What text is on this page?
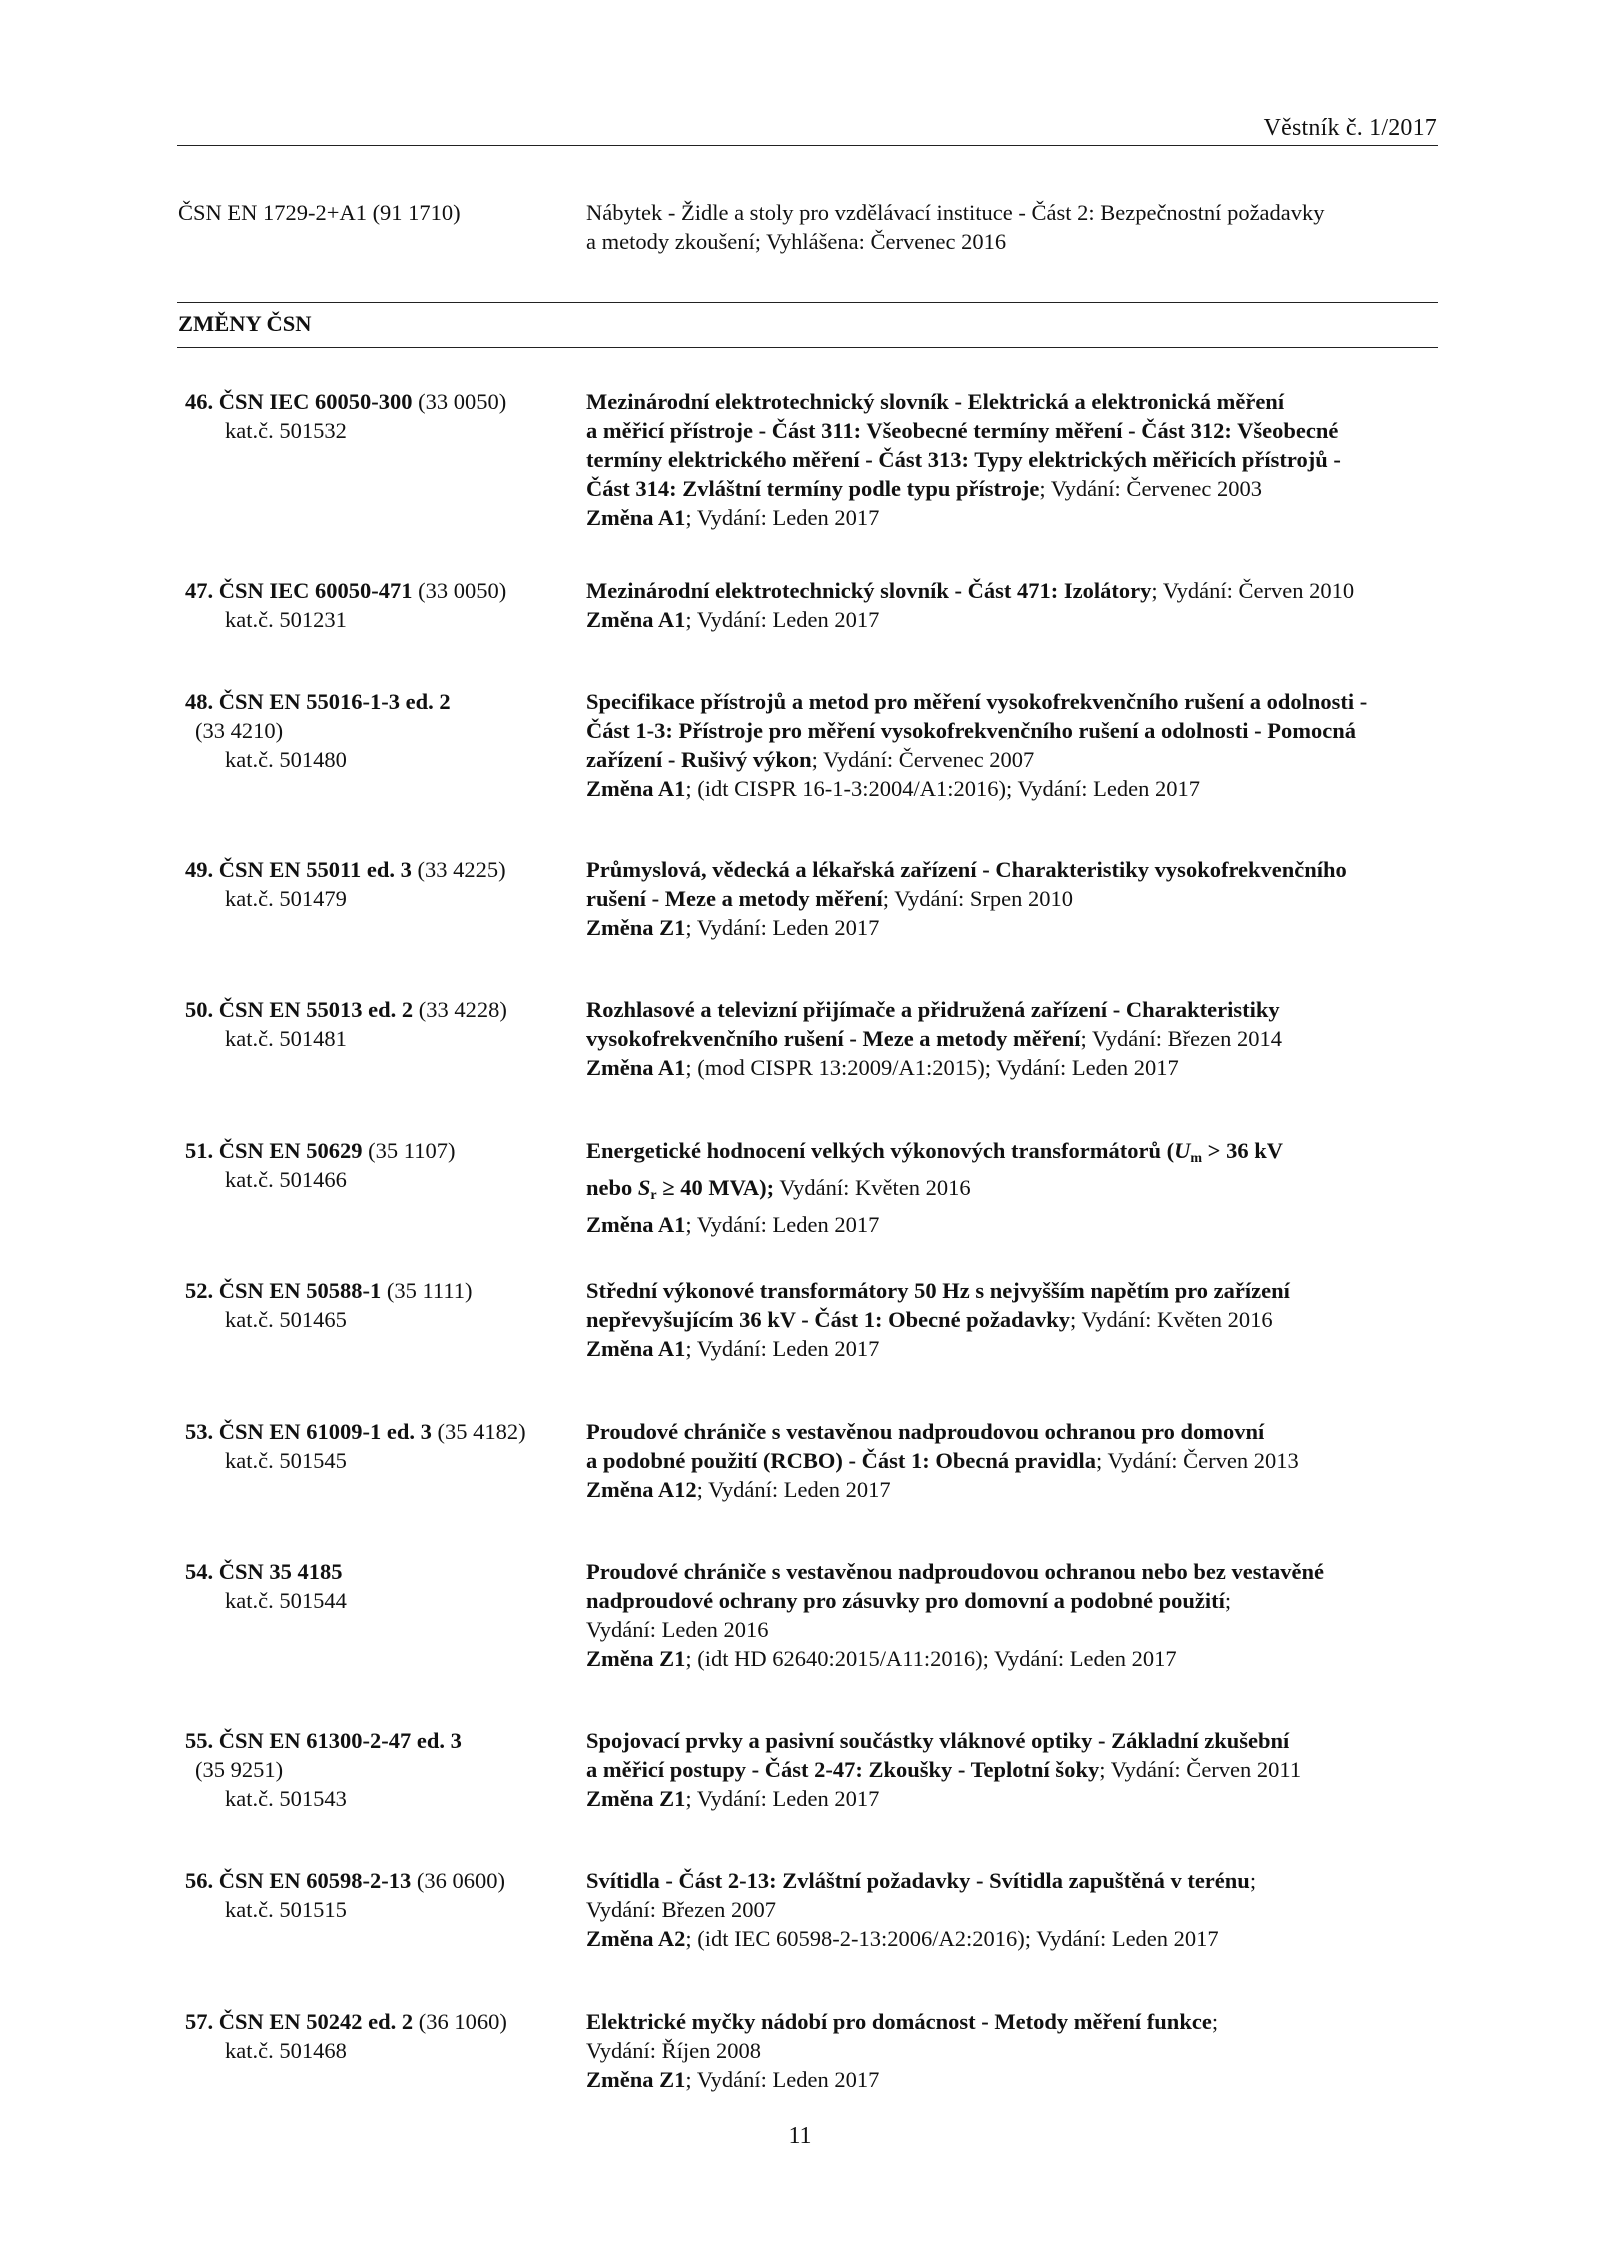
Věstník č. 1/2017
ČSN EN 1729-2+A1 (91 1710)	Nábytek - Židle a stoly pro vzdělávací instituce - Část 2: Bezpečnostní požadavky
a metody zkoušení; Vyhlášena: Červenec 2016
ZMĚNY ČSN
46. ČSN IEC 60050-300 (33 0050)
kat.č. 501532
Mezinárodní elektrotechnický slovník - Elektrická a elektronická měření
a měřicí přístroje - Část 311: Všeobecné termíny měření - Část 312: Všeobecné
termíny elektrického měření - Část 313: Typy elektrických měřicích přístrojů -
Část 314: Zvláštní termíny podle typu přístroje; Vydání: Červenec 2003
Změna A1; Vydání: Leden 2017
47. ČSN IEC 60050-471 (33 0050)
kat.č. 501231
Mezinárodní elektrotechnický slovník - Část 471: Izolátory; Vydání: Červen 2010
Změna A1; Vydání: Leden 2017
48. ČSN EN 55016-1-3 ed. 2
(33 4210)
kat.č. 501480
Specifikace přístrojů a metod pro měření vysokofrekvenčního rušení a odolnosti -
Část 1-3: Přístroje pro měření vysokofrekvenčního rušení a odolnosti - Pomocná
zařízení - Rušivý výkon; Vydání: Červenec 2007
Změna A1; (idt CISPR 16-1-3:2004/A1:2016); Vydání: Leden 2017
49. ČSN EN 55011 ed. 3 (33 4225)
kat.č. 501479
Průmyslová, vědecká a lékařská zařízení - Charakteristiky vysokofrekvenčního
rušení - Meze a metody měření; Vydání: Srpen 2010
Změna Z1; Vydání: Leden 2017
50. ČSN EN 55013 ed. 2 (33 4228)
kat.č. 501481
Rozhlasové a televizní přijímače a přidružená zařízení - Charakteristiky
vysokofrekvenčního rušení - Meze a metody měření; Vydání: Březen 2014
Změna A1; (mod CISPR 13:2009/A1:2015); Vydání: Leden 2017
51. ČSN EN 50629 (35 1107)
kat.č. 501466
Energetické hodnocení velkých výkonových transformátorů ($U_m > 36$ kV
nebo $S_r \ge 40$ MVA); Vydání: Květen 2016
Změna A1; Vydání: Leden 2017
52. ČSN EN 50588-1 (35 1111)
kat.č. 501465
Střední výkonové transformátory 50 Hz s nejvyšším napětím pro zařízení
nepřevyšujícím 36 kV - Část 1: Obecné požadavky; Vydání: Květen 2016
Změna A1; Vydání: Leden 2017
53. ČSN EN 61009-1 ed. 3 (35 4182)
kat.č. 501545
Proudové chrániče s vestavěnou nadproudovou ochranou pro domovní
a podobné použití (RCBO) - Část 1: Obecná pravidla; Vydání: Červen 2013
Změna A12; Vydání: Leden 2017
54. ČSN 35 4185
kat.č. 501544
Proudové chrániče s vestavěnou nadproudovou ochranou nebo bez vestavěné
nadproudové ochrany pro zásuvky pro domovní a podobné použití;
Vydání: Leden 2016
Změna Z1; (idt HD 62640:2015/A11:2016); Vydání: Leden 2017
55. ČSN EN 61300-2-47 ed. 3
(35 9251)
kat.č. 501543
Spojovací prvky a pasivní součástky vláknové optiky - Základní zkušební
a měřicí postupy - Část 2-47: Zkoušky - Teplotní šoky; Vydání: Červen 2011
Změna Z1; Vydání: Leden 2017
56. ČSN EN 60598-2-13 (36 0600)
kat.č. 501515
Svítidla - Část 2-13: Zvláštní požadavky - Svítidla zapuštěná v terénu;
Vydání: Březen 2007
Změna A2; (idt IEC 60598-2-13:2006/A2:2016); Vydání: Leden 2017
57. ČSN EN 50242 ed. 2 (36 1060)
kat.č. 501468
Elektrické myčky nádobí pro domácnost - Metody měření funkce;
Vydání: Říjen 2008
Změna Z1; Vydání: Leden 2017
11
